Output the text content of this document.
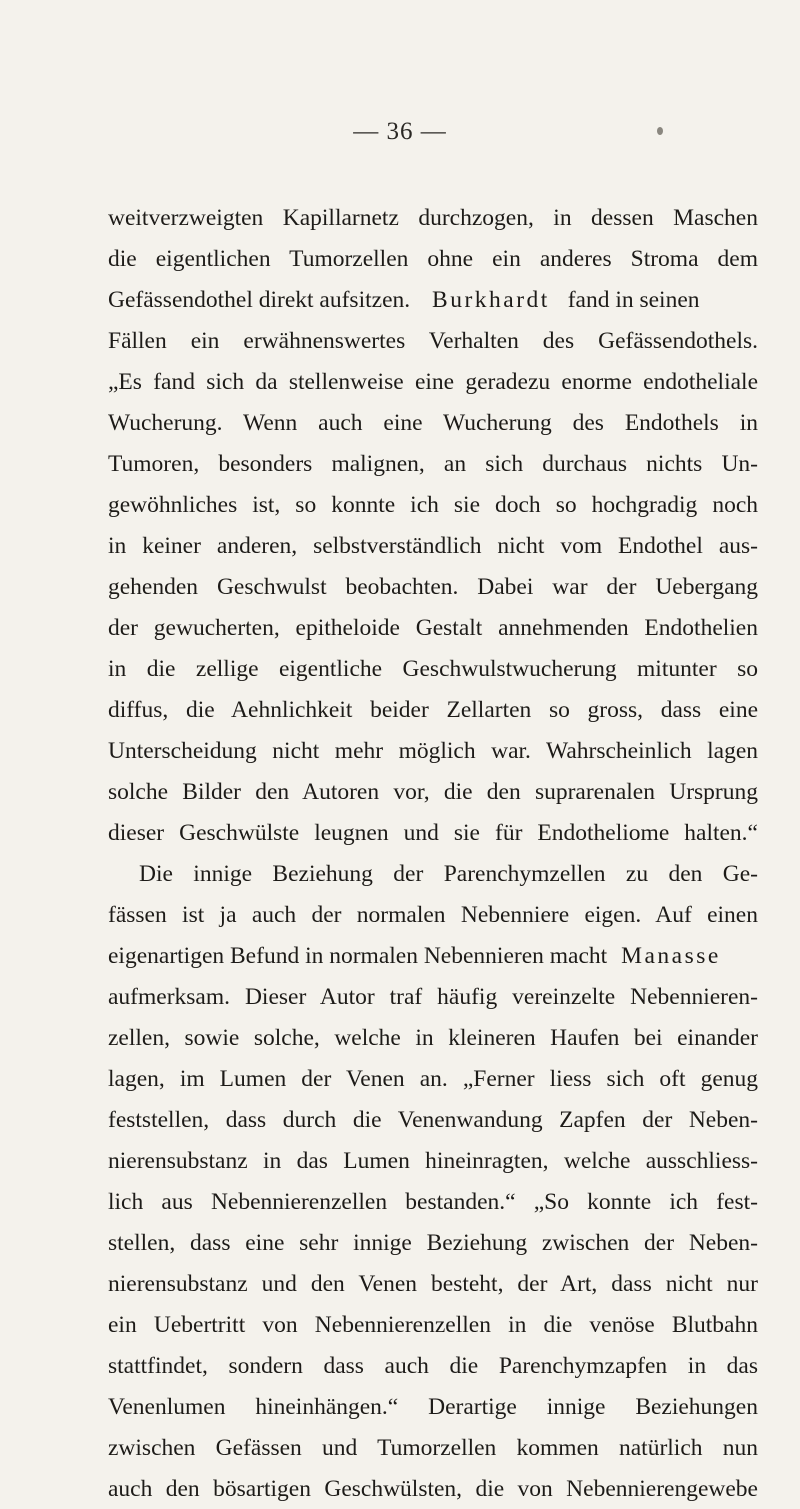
— 36 —
weitverzweigten Kapillarnetz durchzogen, in dessen Maschen
die eigentlichen Tumorzellen ohne ein anderes Stroma dem
Gefässendothel direkt aufsitzen. Burkhardt fand in seinen
Fällen ein erwähnenswertes Verhalten des Gefässendothels.
„Es fand sich da stellenweise eine geradezu enorme endotheliale
Wucherung. Wenn auch eine Wucherung des Endothels in
Tumoren, besonders malignen, an sich durchaus nichts Un-
gewöhnliches ist, so konnte ich sie doch so hochgradig noch
in keiner anderen, selbstverständlich nicht vom Endothel aus-
gehenden Geschwulst beobachten. Dabei war der Uebergang
der gewucherten, epitheloide Gestalt annehmenden Endothelien
in die zellige eigentliche Geschwulstwucherung mitunter so
diffus, die Aehnlichkeit beider Zellarten so gross, dass eine
Unterscheidung nicht mehr möglich war. Wahrscheinlich lagen
solche Bilder den Autoren vor, die den suprarenalen Ursprung
dieser Geschwülste leugnen und sie für Endotheliome halten.“
Die innige Beziehung der Parenchymzellen zu den Ge-
fässen ist ja auch der normalen Nebenniere eigen. Auf einen
eigenartigen Befund in normalen Nebennieren macht Manasse
aufmerksam. Dieser Autor traf häufig vereinzelte Nebennieren-
zellen, sowie solche, welche in kleineren Haufen bei einander
lagen, im Lumen der Venen an. „Ferner liess sich oft genug
feststellen, dass durch die Venenwandung Zapfen der Neben-
nierensubstanz in das Lumen hineinragten, welche ausschliess-
lich aus Nebennierenzellen bestanden.“ „So konnte ich fest-
stellen, dass eine sehr innige Beziehung zwischen der Neben-
nierensubstanz und den Venen besteht, der Art, dass nicht nur
ein Uebertritt von Nebennierenzellen in die venöse Blutbahn
stattfindet, sondern dass auch die Parenchymzapfen in das
Venenlumen hineinhängen.“ Derartige innige Beziehungen
zwischen Gefässen und Tumorzellen kommen natürlich nun
auch den bösartigen Geschwülsten, die von Nebennierengewebe
